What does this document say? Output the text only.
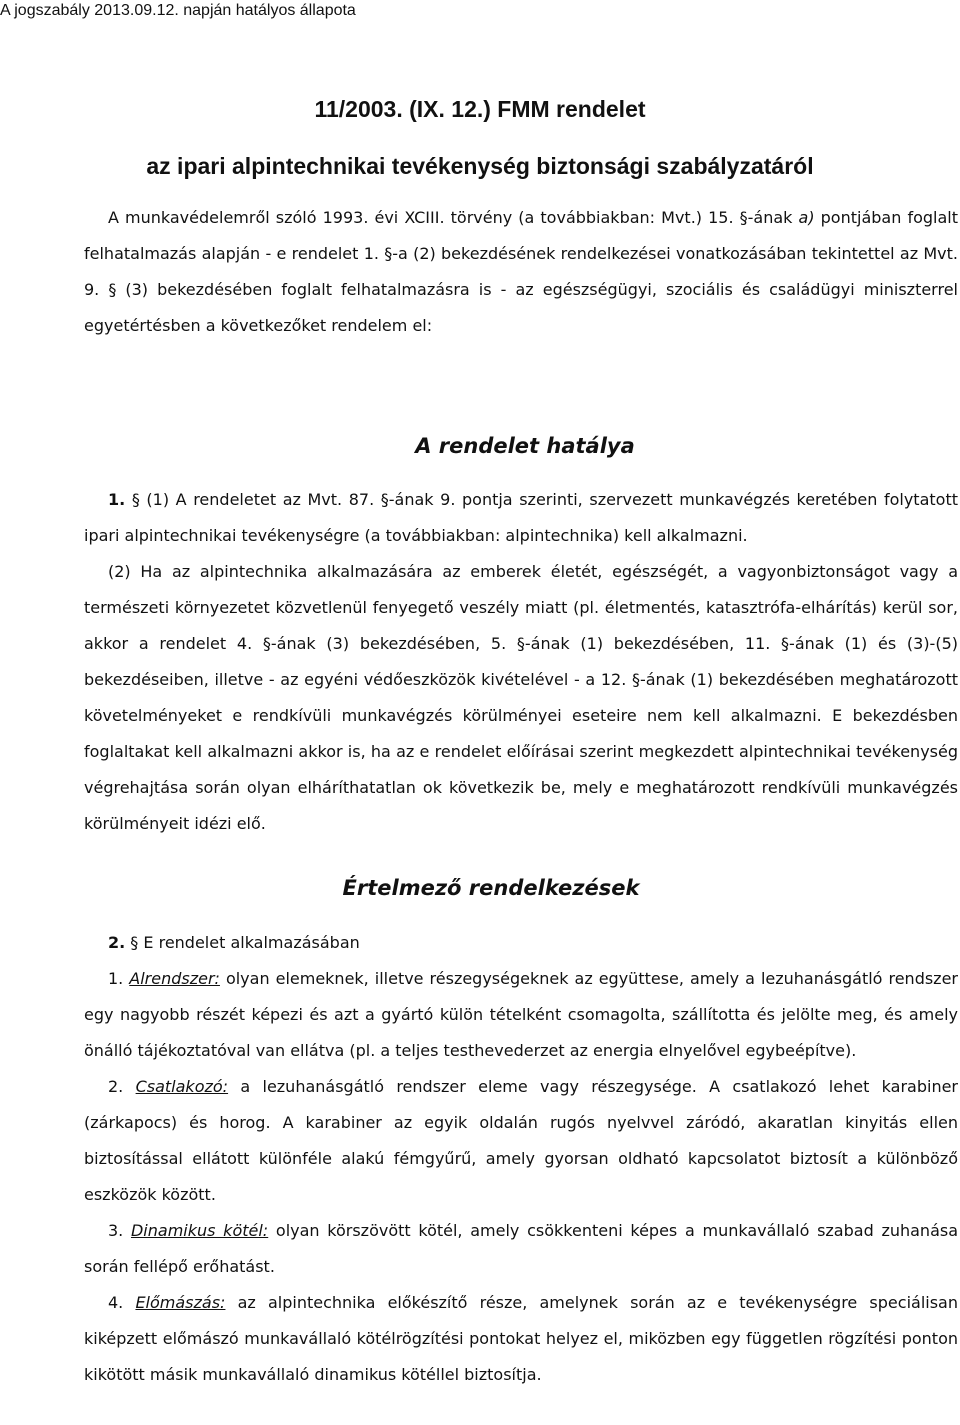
A jogszabály 2013.09.12. napján hatályos állapota
11/2003. (IX. 12.) FMM rendelet
az ipari alpintechnikai tevékenység biztonsági szabályzatáról

A munkavédelemről szóló 1993. évi XCIII. törvény (a továbbiakban: Mvt.) 15. §-ának a) pontjában foglalt felhatalmazás alapján - e rendelet 1. §-a (2) bekezdésének rendelkezései vonatkozásában tekintettel az Mvt. 9. § (3) bekezdésében foglalt felhatalmazásra is - az egészségügyi, szociális és családügyi miniszterrel egyetértésben a következőket rendelem el:

A rendelet hatálya

1. § (1) A rendeletet az Mvt. 87. §-ának 9. pontja szerinti, szervezett munkavégzés keretében folytatott ipari alpintechnikai tevékenységre (a továbbiakban: alpintechnika) kell alkalmazni.

(2) Ha az alpintechnika alkalmazására az emberek életét, egészségét, a vagyonbiztonságot vagy a természeti környezetet közvetlenül fenyegető veszély miatt (pl. életmentés, katasztrófa-elhárítás) kerül sor, akkor a rendelet 4. §-ának (3) bekezdésében, 5. §-ának (1) bekezdésében, 11. §-ának (1) és (3)-(5) bekezdéseiben, illetve - az egyéni védőeszközök kivételével - a 12. §-ának (1) bekezdésében meghatározott követelményeket e rendkívüli munkavégzés körülményei eseteire nem kell alkalmazni. E bekezdésben foglaltakat kell alkalmazni akkor is, ha az e rendelet előírásai szerint megkezdett alpintechnikai tevékenység végrehajtása során olyan elháríthatatlan ok következik be, mely e meghatározott rendkívüli munkavégzés körülményeit idézi elő.

Értelmező rendelkezések

2. § E rendelet alkalmazásában

1. Alrendszer: olyan elemeknek, illetve részegységeknek az együttese, amely a lezuhanásgátló rendszer egy nagyobb részét képezi és azt a gyártó külön tételként csomagolta, szállította és jelölte meg, és amely önálló tájékoztatóval van ellátva (pl. a teljes testhevederzet az energia elnyelővel egybeépítve).

2. Csatlakozó: a lezuhanásgátló rendszer eleme vagy részegysége. A csatlakozó lehet karabiner (zárkapocs) és horog. A karabiner az egyik oldalán rugós nyelvvel záródó, akaratlan kinyitás ellen biztosítással ellátott különféle alakú fémgyűrű, amely gyorsan oldható kapcsolatot biztosít a különböző eszközök között.

3. Dinamikus kötél: olyan körszövött kötél, amely csökkenteni képes a munkavállaló szabad zuhanása során fellépő erőhatást.

4. Előmászás: az alpintechnika előkészítő része, amelynek során az e tevékenységre speciálisan kiképzett előmászó munkavállaló kötélrögzítési pontokat helyez el, miközben egy független rögzítési ponton kikötött másik munkavállaló dinamikus kötéllel biztosítja.
